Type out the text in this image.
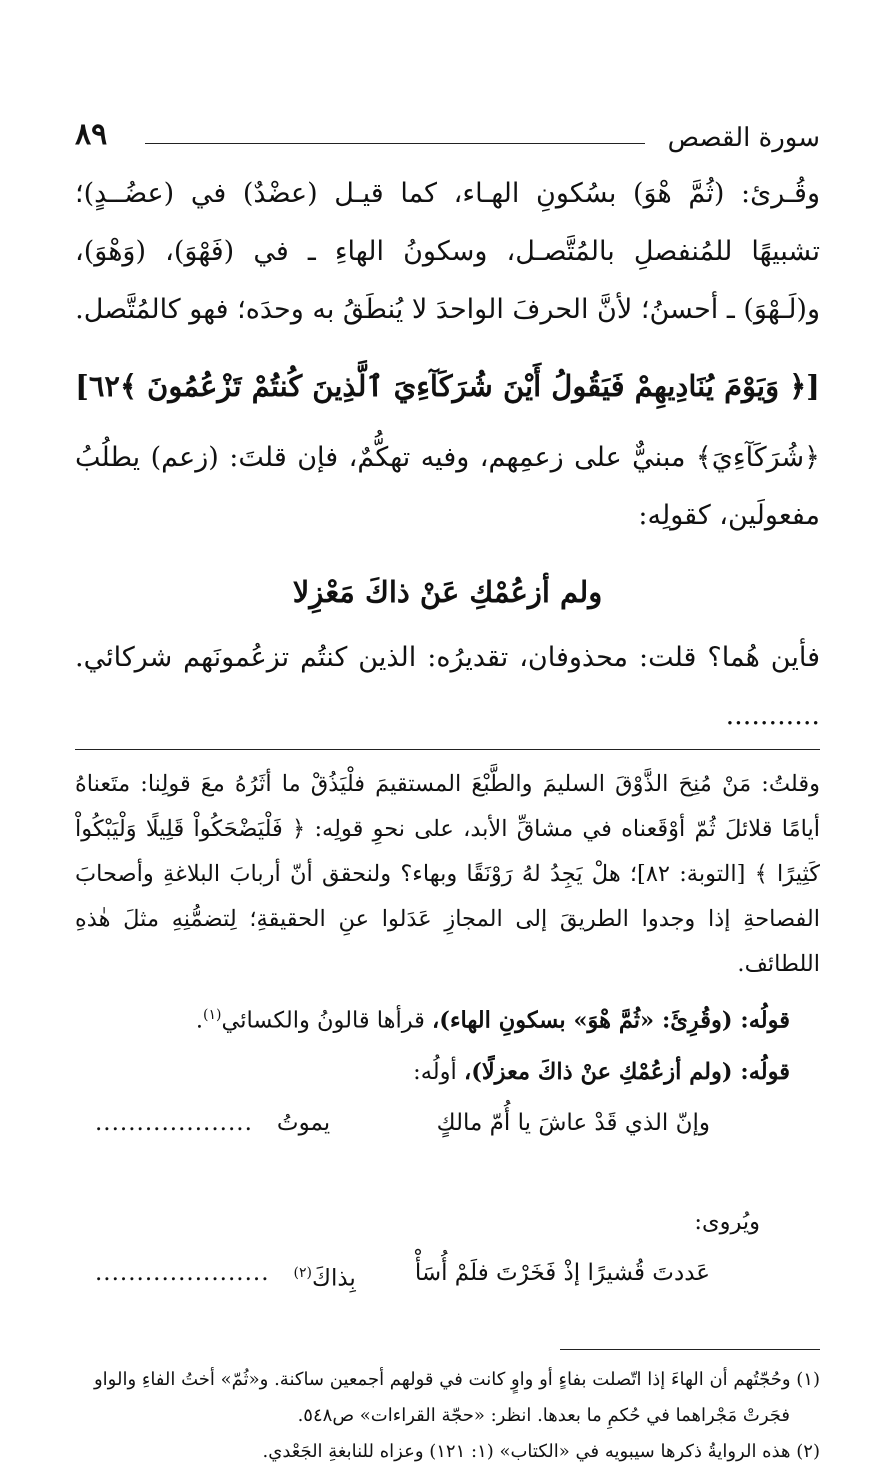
سورة القصص
٨٩

وقُـرئ: (ثُمَّ هْوَ) بسُكونِ الهـاء، كما قيـل (عضْدٌ) في (عضُــدٍ)؛ تشبيهًا للمُنفصلِ بالمُتَّصـل، وسكونُ الهاءِ ـ في (فَهْوَ)، (وَهْوَ)، و(لَـهْوَ) ـ أحسنُ؛ لأنَّ الحرفَ الواحدَ لا يُنطَقُ به وحدَه؛ فهو كالمُتَّصل.

[﴿ وَيَوْمَ يُنَادِيهِمْ فَيَقُولُ أَيْنَ شُرَكَآءِيَ ٱلَّذِينَ كُنتُمْ تَزْعُمُونَ ﴾٦٢]

﴿شُرَكَآءِيَ﴾ مبنيٌّ على زعمِهم، وفيه تهكُّمٌ، فإن قلتَ: (زعم) يطلُبُ مفعولَين، كقولِه:

ولم أزعُمْكِ عَنْ ذاكَ مَعْزِلا

فأين هُما؟ قلت: محذوفان، تقديرُه: الذين كنتُم تزعُمونَهم شركائي. ...........

وقلتُ: مَنْ مُنِحَ الذَّوْقَ السليمَ والطَّبْعَ المستقيمَ فلْيَذُقْ ما أثَرُهُ معَ قولِنا: متَعناهُ أيامًا قلائلَ ثُمّ أوْقَعناه في مشاقِّ الأبد، على نحوِ قولِه: ﴿ فَلْيَضْحَكُواْ قَلِيلًا وَلْيَبْكُواْ كَثِيرًا ﴾ [التوبة: ٨٢]؛ هلْ يَجِدُ لهُ رَوْنَقًا وبهاء؟ ولنحقق أنّ أربابَ البلاغةِ وأصحابَ الفصاحةِ إذا وجدوا الطريقَ إلى المجازِ عَدَلوا عنِ الحقيقةِ؛ لِتضمُّنِهِ مثلَ هٰذهِ اللطائف.

قولُه: (وقُرِئَ: «ثُمَّ هْوَ» بسكونِ الهاء)، قرأها قالونُ والكسائي$^{(١)}$.

قولُه: (ولم أزعُمْكِ عنْ ذاكَ معزلًا)، أولُه:

وإنّ الذي قَدْ عاشَ يا أُمّ مالكٍ
يموتُ
...................

ويُروى:

عَددتَ قُشيرًا إذْ فَخَرْتَ فلَمْ أُسَأْ
بِذاكَ$^{(٢)}$
.....................

(١) وحُجّتُهم أن الهاءَ إذا اتّصلت بفاءٍ أو واوٍ كانت في قولهم أجمعين ساكنة. و«ثُمّ» أختُ الفاءِ والواو

فجَرتْ مَجْراهما في حُكمِ ما بعدها. انظر: «حجّة القراءات» ص٥٤٨.

(٢) هذه الروايةُ ذكرها سيبويه في «الكتاب» (١: ١٢١) وعزاه للنابغةِ الجَعْدي.
